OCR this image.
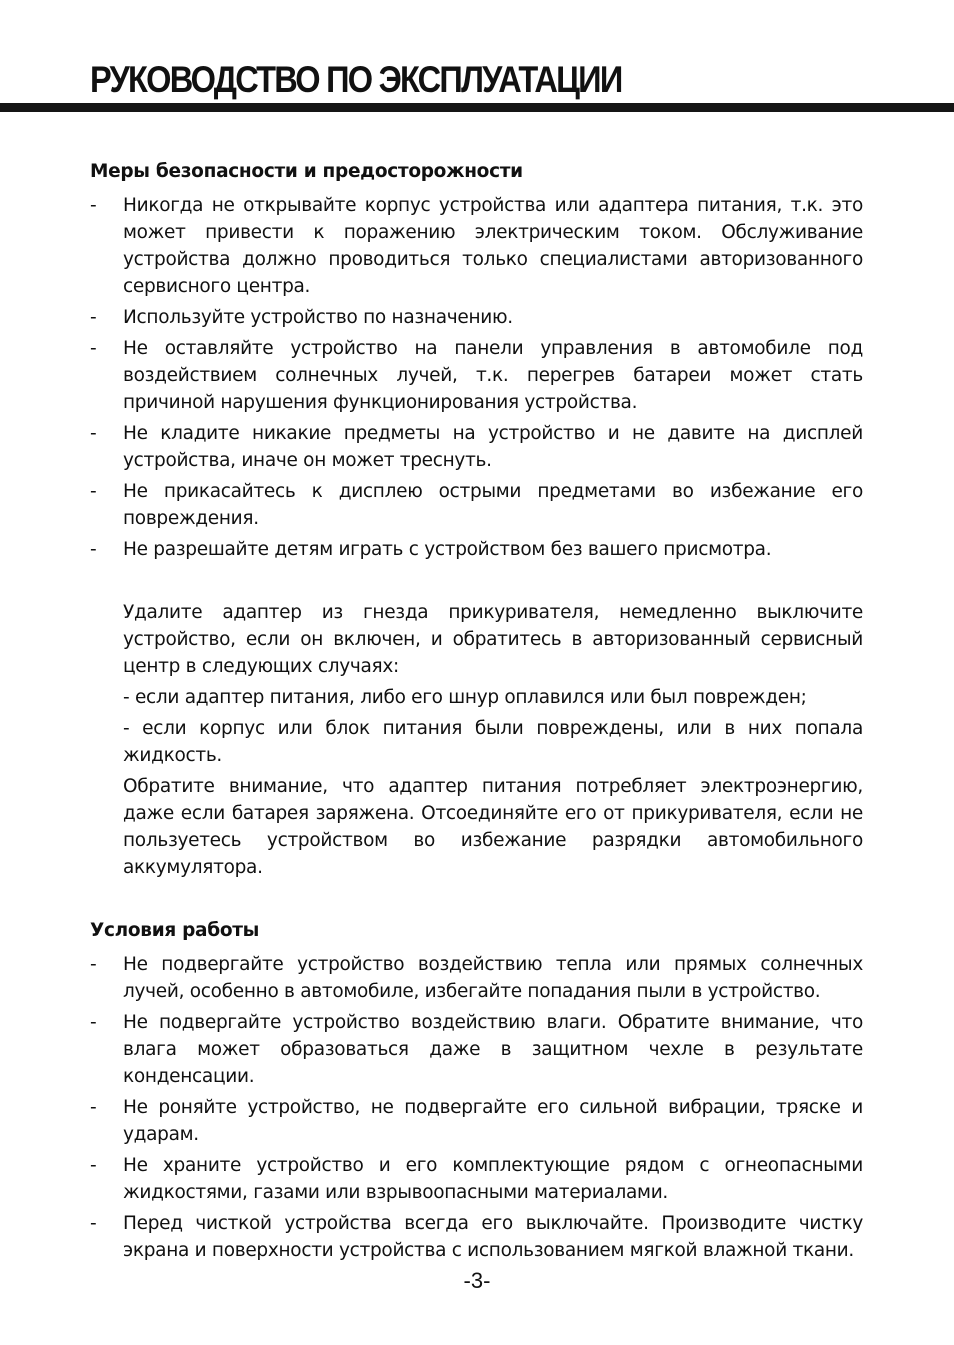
РУКОВОДСТВО ПО ЭКСПЛУАТАЦИИ
Меры безопасности и предосторожности
- Никогда не открывайте корпус устройства или адаптера питания, т.к. это может привести к поражению электрическим током. Обслуживание устройства должно проводиться только специалистами авторизованного сервисного центра.
- Используйте устройство по назначению.
- Не оставляйте устройство на панели управления в автомобиле под воздействием солнечных лучей, т.к. перегрев батареи может стать причиной нарушения функционирования устройства.
- Не кладите никакие предметы на устройство и не давите на дисплей устройства, иначе он может треснуть.
- Не прикасайтесь к дисплею острыми предметами во избежание его повреждения.
- Не разрешайте детям играть с устройством без вашего присмотра.
Удалите адаптер из гнезда прикуривателя, немедленно выключите устройство, если он включен, и обратитесь в авторизованный сервисный центр в следующих случаях:
- если адаптер питания, либо его шнур оплавился или был поврежден;
- если корпус или блок питания были повреждены, или в них попала жидкость.
Обратите внимание, что адаптер питания потребляет электроэнергию, даже если батарея заряжена. Отсоединяйте его от прикуривателя, если не пользуетесь устройством во избежание разрядки автомобильного аккумулятора.
Условия работы
- Не подвергайте устройство воздействию тепла или прямых солнечных лучей, особенно в автомобиле, избегайте попадания пыли в устройство.
- Не подвергайте устройство воздействию влаги. Обратите внимание, что влага может образоваться даже в защитном чехле в результате конденсации.
- Не роняйте устройство, не подвергайте его сильной вибрации, тряске и ударам.
- Не храните устройство и его комплектующие рядом с огнеопасными жидкостями, газами или взрывоопасными материалами.
- Перед чисткой устройства всегда его выключайте. Производите чистку экрана и поверхности устройства с использованием мягкой влажной ткани.
-3-
